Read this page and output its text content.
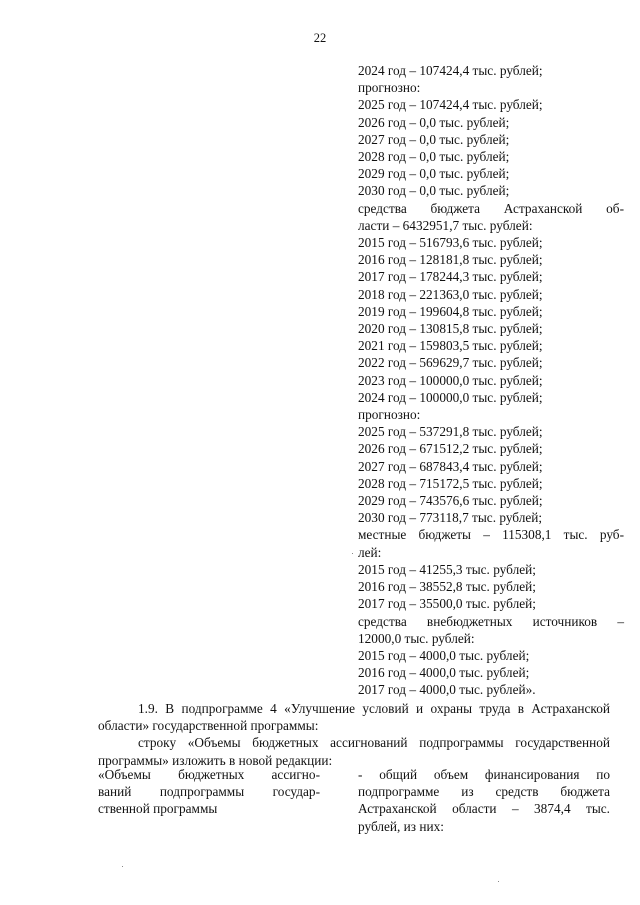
22
2024 год – 107424,4 тыс. рублей;
прогнозно:
2025 год – 107424,4 тыс. рублей;
2026 год – 0,0 тыс. рублей;
2027 год – 0,0 тыс. рублей;
2028 год – 0,0 тыс. рублей;
2029 год – 0,0 тыс. рублей;
2030 год – 0,0 тыс. рублей;
средства бюджета Астраханской об-
ласти – 6432951,7 тыс. рублей:
2015 год – 516793,6 тыс. рублей;
2016 год – 128181,8 тыс. рублей;
2017 год – 178244,3 тыс. рублей;
2018 год – 221363,0 тыс. рублей;
2019 год – 199604,8 тыс. рублей;
2020 год – 130815,8 тыс. рублей;
2021 год – 159803,5 тыс. рублей;
2022 год – 569629,7 тыс. рублей;
2023 год – 100000,0 тыс. рублей;
2024 год – 100000,0 тыс. рублей;
прогнозно:
2025 год – 537291,8 тыс. рублей;
2026 год – 671512,2 тыс. рублей;
2027 год – 687843,4 тыс. рублей;
2028 год – 715172,5 тыс. рублей;
2029 год – 743576,6 тыс. рублей;
2030 год – 773118,7 тыс. рублей;
местные бюджеты – 115308,1 тыс. руб-
лей:
2015 год – 41255,3 тыс. рублей;
2016 год – 38552,8 тыс. рублей;
2017 год – 35500,0 тыс. рублей;
средства внебюджетных источников –
12000,0 тыс. рублей:
2015 год – 4000,0 тыс. рублей;
2016 год – 4000,0 тыс. рублей;
2017 год – 4000,0 тыс. рублей».
1.9. В подпрограмме 4 «Улучшение условий и охраны труда в Астраханской области» государственной программы:
строку «Объемы бюджетных ассигнований подпрограммы государственной программы» изложить в новой редакции:
«Объемы бюджетных ассигно-
ваний подпрограммы государ-
ственной программы
- общий объем финансирования по
подпрограмме из средств бюджета
Астраханской области – 3874,4 тыс.
рублей, из них:
